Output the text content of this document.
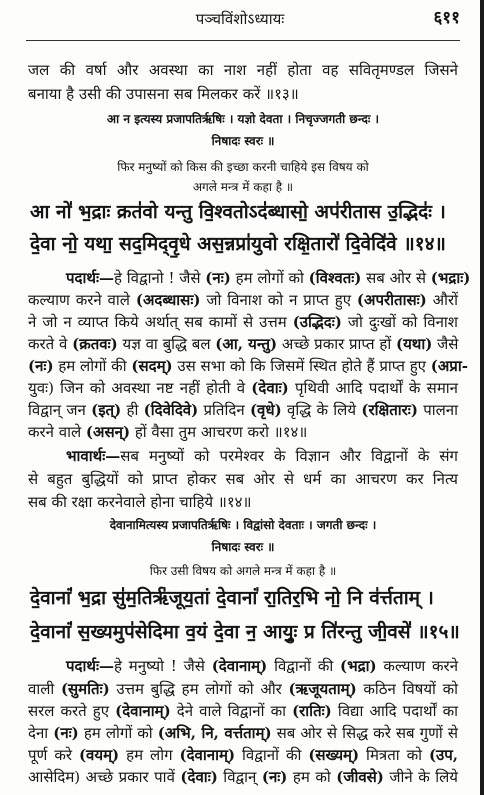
पञ्चविंशोऽध्यायः	६११
जल की वर्षा और अवस्था का नाश नहीं होता वह सवितृमण्डल जिसने
बनाया है उसी की उपासना सब मिलकर करें ॥१३॥
आ न इत्यस्य प्रजापतिर्ऋषिः । यज्ञो देवता । निचृज्जगती छन्दः ।
निषादः स्वरः ॥
फिर मनुष्यों को किस की इच्छा करनी चाहिये इस विषय को
अगले मन्त्र में कहा है ॥
आ नो॑ भ॒द्राः क्रत॑वो यन्तु वि॒श्वतोऽद॑ब्धासो॒ अप॑रीतास उ॒द्भिदः॑ ।
दे॒वा नो॒ यथा॒ सद॒मिद्वृ॒धे अस॒न्नप्रा॑युवो रक्षि॒तारो॑ दि॒वेदि॑वे ॥१४॥
पदार्थः—हे विद्वानो ! जैसे (नः) हम लोगों को (विश्वतः) सब ओर से (भद्राः)
कल्याण करने वाले (अदब्धासः) जो विनाश को न प्राप्त हुए (अपरीतासः) औरों
ने जो न व्याप्त किये अर्थात् सब कामों से उत्तम (उद्भिदः) जो दुःखों को विनाश
करते वे (क्रतवः) यज्ञ वा बुद्धि बल (आ, यन्तु) अच्छे प्रकार प्राप्त हों (यथा) जैसे
(नः) हम लोगों की (सदम्) उस सभा को कि जिसमें स्थित होते हैं प्राप्त हुए (अप्रा-
युवः) जिन को अवस्था नष्ट नहीं होती वे (देवाः) पृथिवी आदि पदार्थों के समान
विद्वान् जन (इत्) ही (दिवेदिवे) प्रतिदिन (वृधे) वृद्धि के लिये (रक्षितारः) पालना
करने वाले (असन्) हों वैसा तुम आचरण करो ॥१४॥
भावार्थः—सब मनुष्यों को परमेश्वर के विज्ञान और विद्वानों के संग
से बहुत बुद्धियों को प्राप्त होकर सब ओर से धर्म का आचरण कर नित्य
सब की रक्षा करनेवाले होना चाहिये ॥१४॥
देवानामित्यस्य प्रजापतिर्ऋषिः । विद्वांसो देवताः । जगती छन्दः ।
निषादः स्वरः ॥
फिर उसी विषय को अगले मन्त्र में कहा है ॥
दे॒वानां॑ भ॒द्रा सु॑म॒तिर्ऋ॑जूय॒तां दे॒वानां॑ रा॒तिर॒भि नो॒ नि व॑र्त्तताम् ।
दे॒वानां॑ स॒ख्यमुप॑सेदिमा व॒यं दे॒वा न॒ आयुः॒ प्र ति॑रन्तु जी॒वसे॑ ॥१५॥
पदार्थः—हे मनुष्यो ! जैसे (देवानाम्) विद्वानों की (भद्रा) कल्याण करने
वाली (सुमतिः) उत्तम बुद्धि हम लोगों को और (ऋजूयताम्) कठिन विषयों को
सरल करते हुए (देवानाम्) देने वाले विद्वानों का (रातिः) विद्या आदि पदार्थों का
देना (नः) हम लोगों को (अभि, नि, वर्त्तताम्) सब ओर से सिद्ध करे सब गुणों से
पूर्ण करे (वयम्) हम लोग (देवानाम्) विद्वानों की (सख्यम्) मित्रता को (उप,
आसेदिम) अच्छे प्रकार पावें (देवाः) विद्वान् (नः) हम को (जीवसे) जीने के लिये
